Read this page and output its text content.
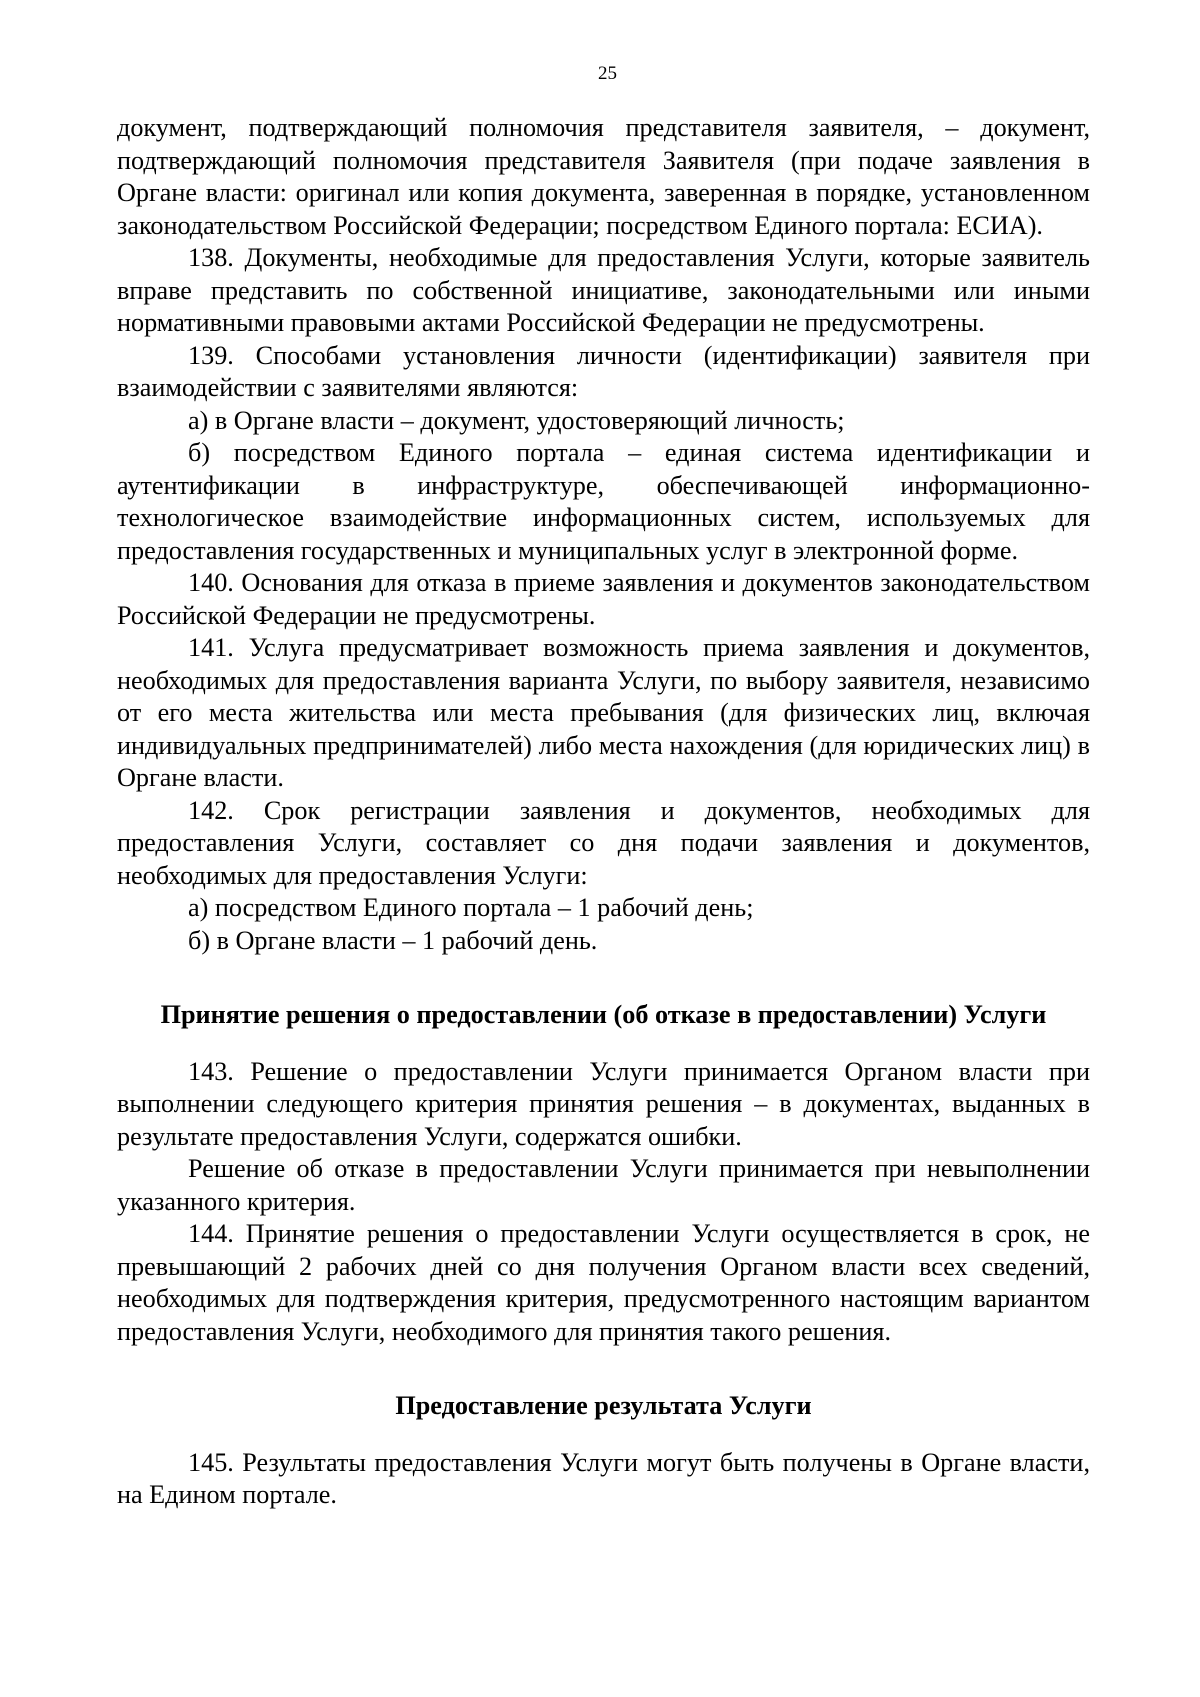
25

документ, подтверждающий полномочия представителя заявителя, – документ, подтверждающий полномочия представителя Заявителя (при подаче заявления в Органе власти: оригинал или копия документа, заверенная в порядке, установленном законодательством Российской Федерации; посредством Единого портала: ЕСИА).

138. Документы, необходимые для предоставления Услуги, которые заявитель вправе представить по собственной инициативе, законодательными или иными нормативными правовыми актами Российской Федерации не предусмотрены.

139. Способами установления личности (идентификации) заявителя при взаимодействии с заявителями являются:

а) в Органе власти – документ, удостоверяющий личность;

б) посредством Единого портала – единая система идентификации и аутентификации в инфраструктуре, обеспечивающей информационно-технологическое взаимодействие информационных систем, используемых для предоставления государственных и муниципальных услуг в электронной форме.

140. Основания для отказа в приеме заявления и документов законодательством Российской Федерации не предусмотрены.

141. Услуга предусматривает возможность приема заявления и документов, необходимых для предоставления варианта Услуги, по выбору заявителя, независимо от его места жительства или места пребывания (для физических лиц, включая индивидуальных предпринимателей) либо места нахождения (для юридических лиц) в Органе власти.

142. Срок регистрации заявления и документов, необходимых для предоставления Услуги, составляет со дня подачи заявления и документов, необходимых для предоставления Услуги:

а) посредством Единого портала – 1 рабочий день;

б) в Органе власти – 1 рабочий день.

Принятие решения о предоставлении (об отказе в предоставлении) Услуги

143. Решение о предоставлении Услуги принимается Органом власти при выполнении следующего критерия принятия решения – в документах, выданных в результате предоставления Услуги, содержатся ошибки.

Решение об отказе в предоставлении Услуги принимается при невыполнении указанного критерия.

144. Принятие решения о предоставлении Услуги осуществляется в срок, не превышающий 2 рабочих дней со дня получения Органом власти всех сведений, необходимых для подтверждения критерия, предусмотренного настоящим вариантом предоставления Услуги, необходимого для принятия такого решения.

Предоставление результата Услуги

145. Результаты предоставления Услуги могут быть получены в Органе власти, на Едином портале.
